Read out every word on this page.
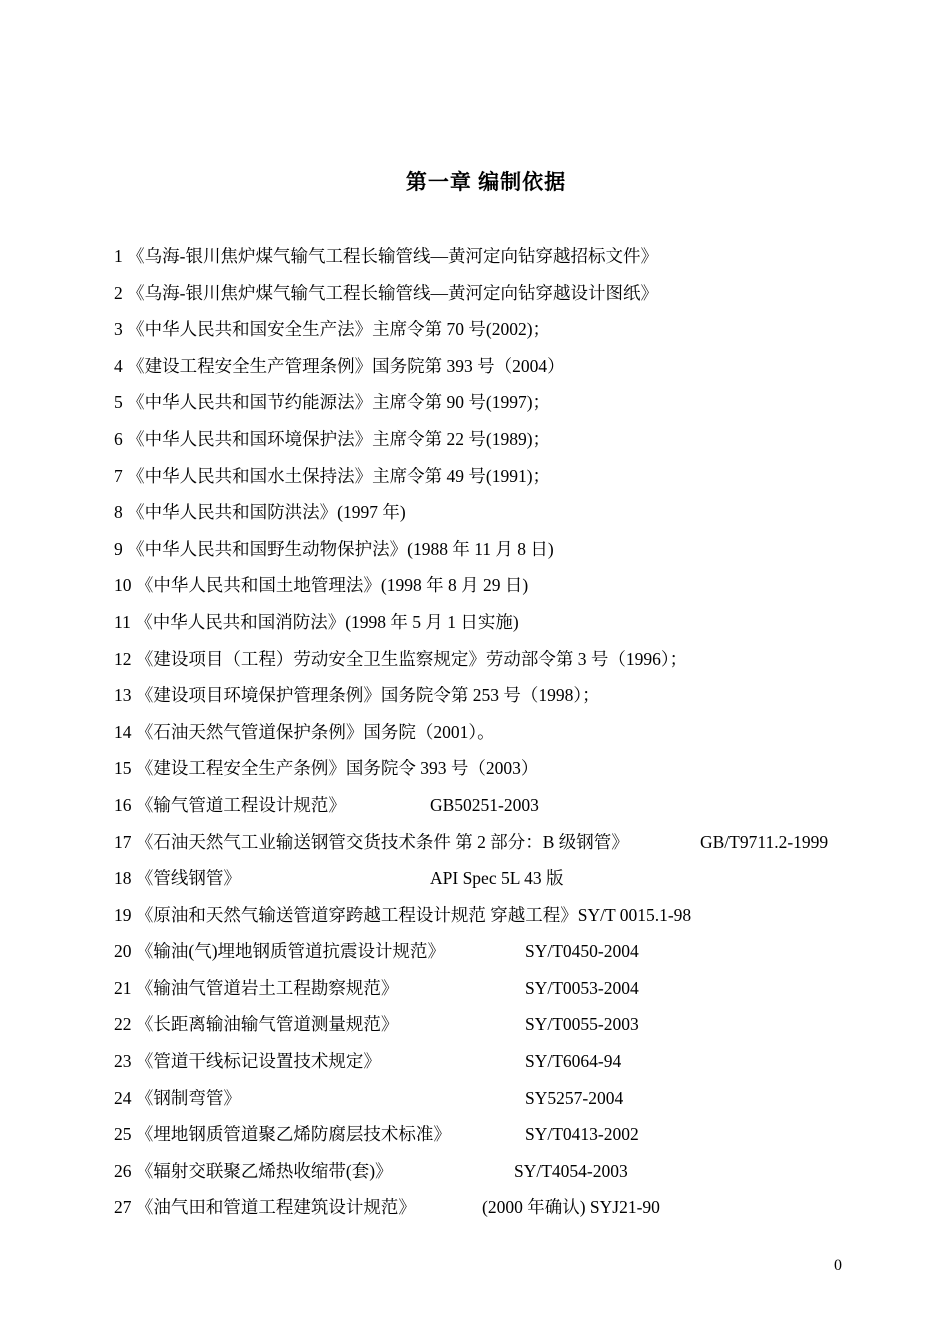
第一章 编制依据
1 《乌海-银川焦炉煤气输气工程长输管线—黄河定向钻穿越招标文件》
2 《乌海-银川焦炉煤气输气工程长输管线—黄河定向钻穿越设计图纸》
3 《中华人民共和国安全生产法》主席令第 70 号(2002)；
4 《建设工程安全生产管理条例》国务院第 393 号（2004）
5 《中华人民共和国节约能源法》主席令第 90 号(1997)；
6 《中华人民共和国环境保护法》主席令第 22 号(1989)；
7 《中华人民共和国水土保持法》主席令第 49 号(1991)；
8 《中华人民共和国防洪法》(1997 年)
9 《中华人民共和国野生动物保护法》(1988 年 11 月 8 日)
10 《中华人民共和国土地管理法》(1998 年 8 月 29 日)
11 《中华人民共和国消防法》(1998 年 5 月 1 日实施)
12 《建设项目（工程）劳动安全卫生监察规定》劳动部令第 3 号（1996）；
13 《建设项目环境保护管理条例》国务院令第 253 号（1998）；
14 《石油天然气管道保护条例》国务院（2001）。
15 《建设工程安全生产条例》国务院令 393 号（2003）
16 《输气管道工程设计规范》	GB50251-2003
17 《石油天然气工业输送钢管交货技术条件 第 2 部分：B 级钢管》	GB/T9711.2-1999
18 《管线钢管》	API Spec 5L 43 版
19 《原油和天然气输送管道穿跨越工程设计规范 穿越工程》SY/T 0015.1-98
20 《输油(气)埋地钢质管道抗震设计规范》	SY/T0450-2004
21 《输油气管道岩土工程勘察规范》	SY/T0053-2004
22 《长距离输油输气管道测量规范》	SY/T0055-2003
23 《管道干线标记设置技术规定》	SY/T6064-94
24 《钢制弯管》	SY5257-2004
25 《埋地钢质管道聚乙烯防腐层技术标准》	SY/T0413-2002
26 《辐射交联聚乙烯热收缩带(套)》	SY/T4054-2003
27 《油气田和管道工程建筑设计规范》	(2000 年确认) SYJ21-90
0
